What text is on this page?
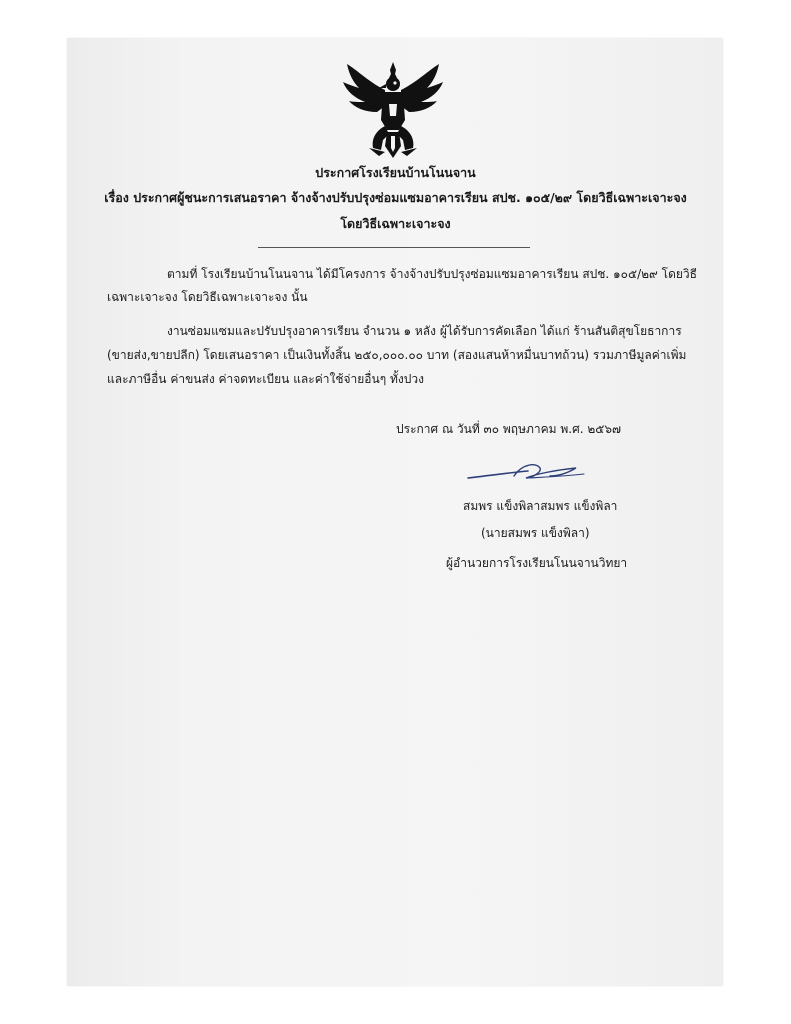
ประกาศโรงเรียนบ้านโนนจาน
เรื่อง ประกาศผู้ชนะการเสนอราคา จ้างจ้างปรับปรุงซ่อมแซมอาคารเรียน สปช. ๑๐๕/๒๙ โดยวิธีเฉพาะเจาะจง
โดยวิธีเฉพาะเจาะจง
ตามที่ โรงเรียนบ้านโนนจาน ได้มีโครงการ จ้างจ้างปรับปรุงซ่อมแซมอาคารเรียน สปช. ๑๐๕/๒๙ โดยวิธี
เฉพาะเจาะจง โดยวิธีเฉพาะเจาะจง นั้น
งานซ่อมแซมและปรับปรุงอาคารเรียน จำนวน ๑ หลัง ผู้ได้รับการคัดเลือก ได้แก่ ร้านสันติสุขโยธาการ
(ขายส่ง,ขายปลีก) โดยเสนอราคา เป็นเงินทั้งสิ้น ๒๕๐,๐๐๐.๐๐ บาท (สองแสนห้าหมื่นบาทถ้วน) รวมภาษีมูลค่าเพิ่ม
และภาษีอื่น ค่าขนส่ง ค่าจดทะเบียน และค่าใช้จ่ายอื่นๆ ทั้งปวง
ประกาศ ณ วันที่ ๓๐ พฤษภาคม พ.ศ. ๒๕๖๗
สมพร แข็งพิลาสมพร แข็งพิลา
(นายสมพร แข็งพิลา)
ผู้อำนวยการโรงเรียนโนนจานวิทยา
